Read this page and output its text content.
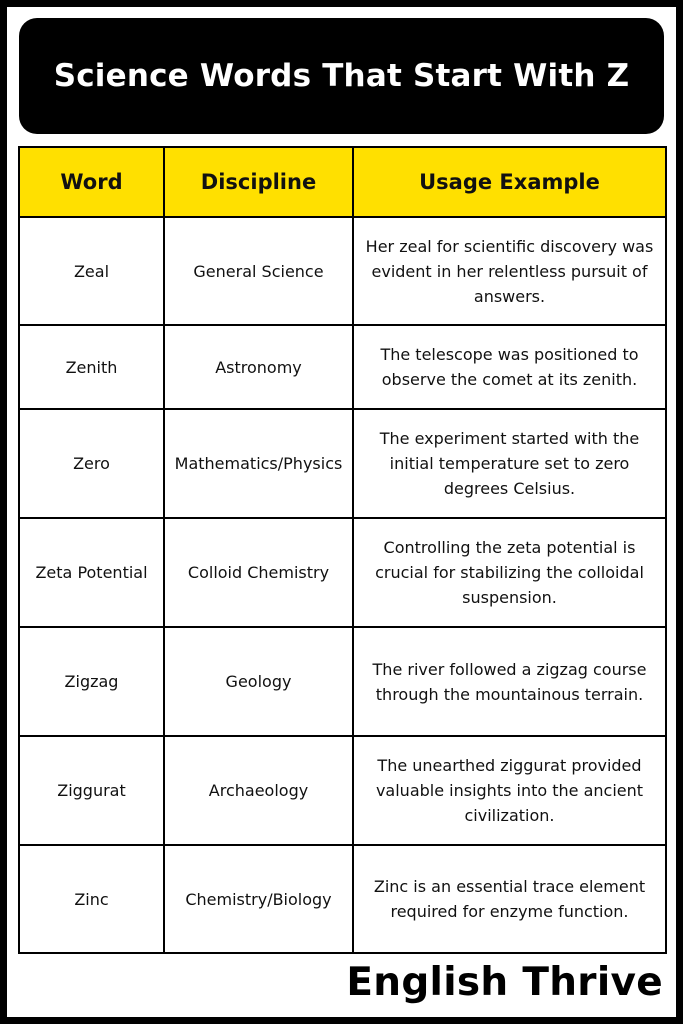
Science Words That Start With Z
Word	Discipline	Usage Example
Zeal	General Science	Her zeal for scientific discovery was evident in her relentless pursuit of answers.
Zenith	Astronomy	The telescope was positioned to observe the comet at its zenith.
Zero	Mathematics/Physics	The experiment started with the initial temperature set to zero degrees Celsius.
Zeta Potential	Colloid Chemistry	Controlling the zeta potential is crucial for stabilizing the colloidal suspension.
Zigzag	Geology	The river followed a zigzag course through the mountainous terrain.
Ziggurat	Archaeology	The unearthed ziggurat provided valuable insights into the ancient civilization.
Zinc	Chemistry/Biology	Zinc is an essential trace element required for enzyme function.
English Thrive
